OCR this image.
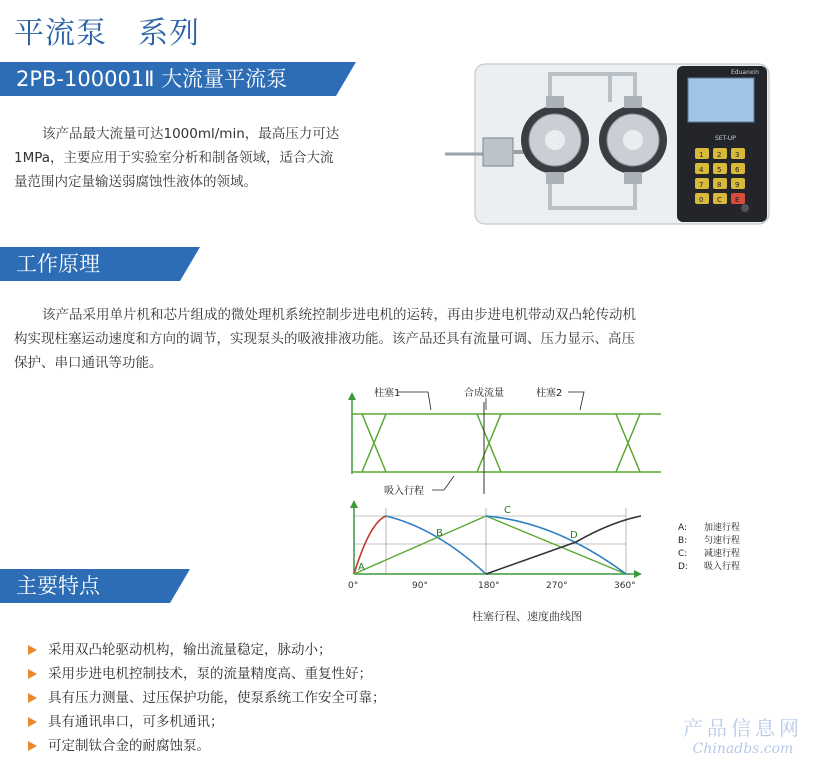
平流泵　系列
2PB-100001Ⅱ 大流量平流泵
该产品最大流量可达1000ml/min，最高压力可达
1MPa，主要应用于实验室分析和制备领域，适合大流
量范围内定量输送弱腐蚀性液体的领域。
Eduanxin
SET-UP
1 2 3
4 5 6
7 8 9
0 C E
工作原理
该产品采用单片机和芯片组成的微处理机系统控制步进电机的运转，再由步进电机带动双凸轮传动机
构实现柱塞运动速度和方向的调节，实现泵头的吸液排液功能。该产品还具有流量可调、压力显示、高压
保护、串口通讯等功能。
柱塞1	合成流量	柱塞2
吸入行程
A
B
C
D
0°	90°	180°	270°	360°
A: 加速行程
B: 匀速行程
C: 减速行程
D: 吸入行程
柱塞行程、速度曲线图
主要特点
采用双凸轮驱动机构，输出流量稳定，脉动小；
采用步进电机控制技术，泵的流量精度高、重复性好；
具有压力测量、过压保护功能，使泵系统工作安全可靠；
具有通讯串口，可多机通讯；
可定制钛合金的耐腐蚀泵。
产品信息网
Chinadbs.com
